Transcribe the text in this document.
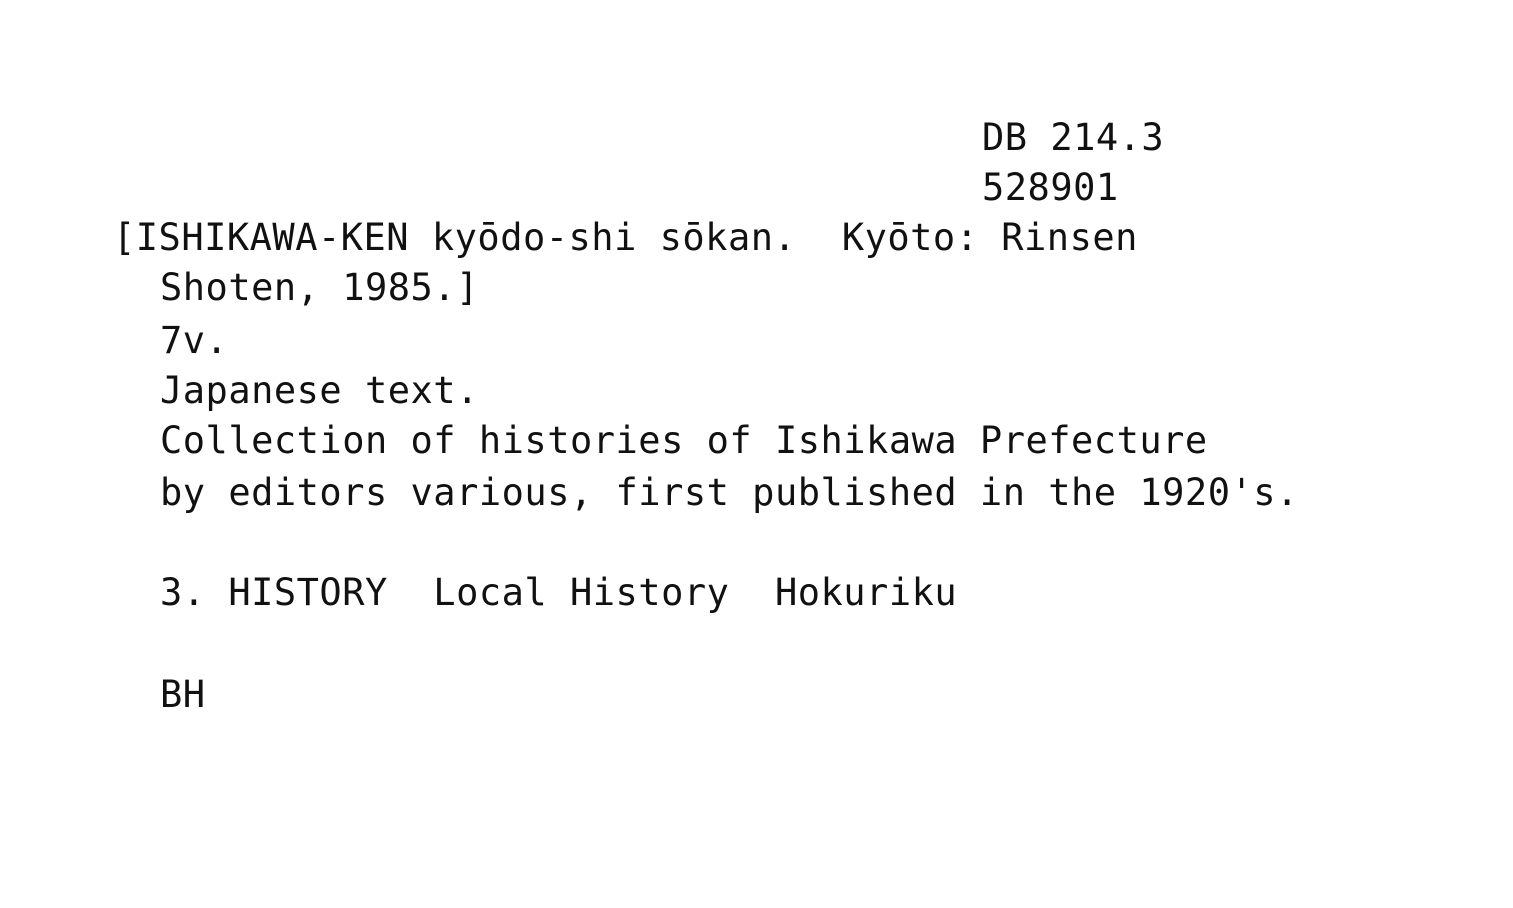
DB 214.3
528901
[ISHIKAWA-KEN kyōdo-shi sōkan.  Kyōto: Rinsen
Shoten, 1985.]
7v.
Japanese text.
Collection of histories of Ishikawa Prefecture
by editors various, first published in the 1920's.
3. HISTORY  Local History  Hokuriku
BH
